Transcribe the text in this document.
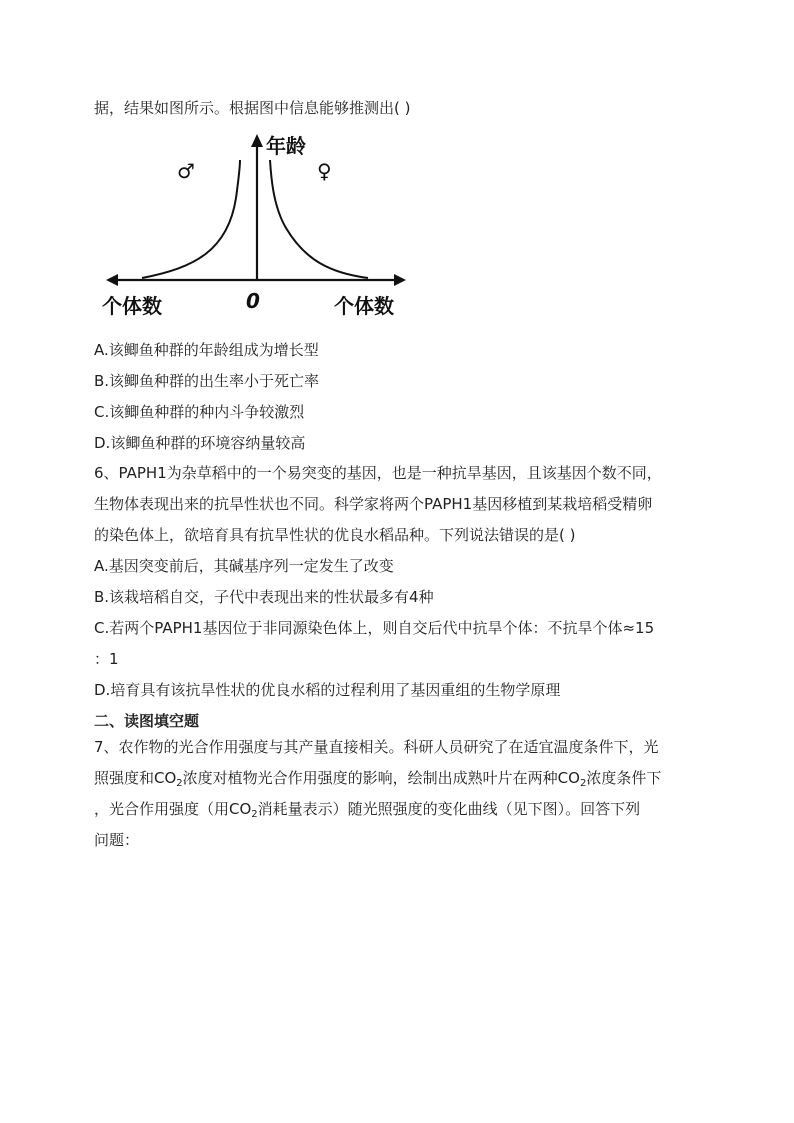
据，结果如图所示。根据图中信息能够推测出( )
年龄
♂	♀
0
个体数	个体数
A.该鲫鱼种群的年龄组成为增长型
B.该鲫鱼种群的出生率小于死亡率
C.该鲫鱼种群的种内斗争较激烈
D.该鲫鱼种群的环境容纳量较高
6、PAPH1为杂草稻中的一个易突变的基因，也是一种抗旱基因，且该基因个数不同，
生物体表现出来的抗旱性状也不同。科学家将两个PAPH1基因移植到某栽培稻受精卵
的染色体上，欲培育具有抗旱性状的优良水稻品种。下列说法错误的是( )
A.基因突变前后，其碱基序列一定发生了改变
B.该栽培稻自交，子代中表现出来的性状最多有4种
C.若两个PAPH1基因位于非同源染色体上，则自交后代中抗旱个体：不抗旱个体≈15
：1
D.培育具有该抗旱性状的优良水稻的过程利用了基因重组的生物学原理
二、读图填空题
7、农作物的光合作用强度与其产量直接相关。科研人员研究了在适宜温度条件下，光
照强度和$CO_2$浓度对植物光合作用强度的影响，绘制出成熟叶片在两种$CO_2$浓度条件下
，光合作用强度（用$CO_2$消耗量表示）随光照强度的变化曲线（见下图）。回答下列
问题：
